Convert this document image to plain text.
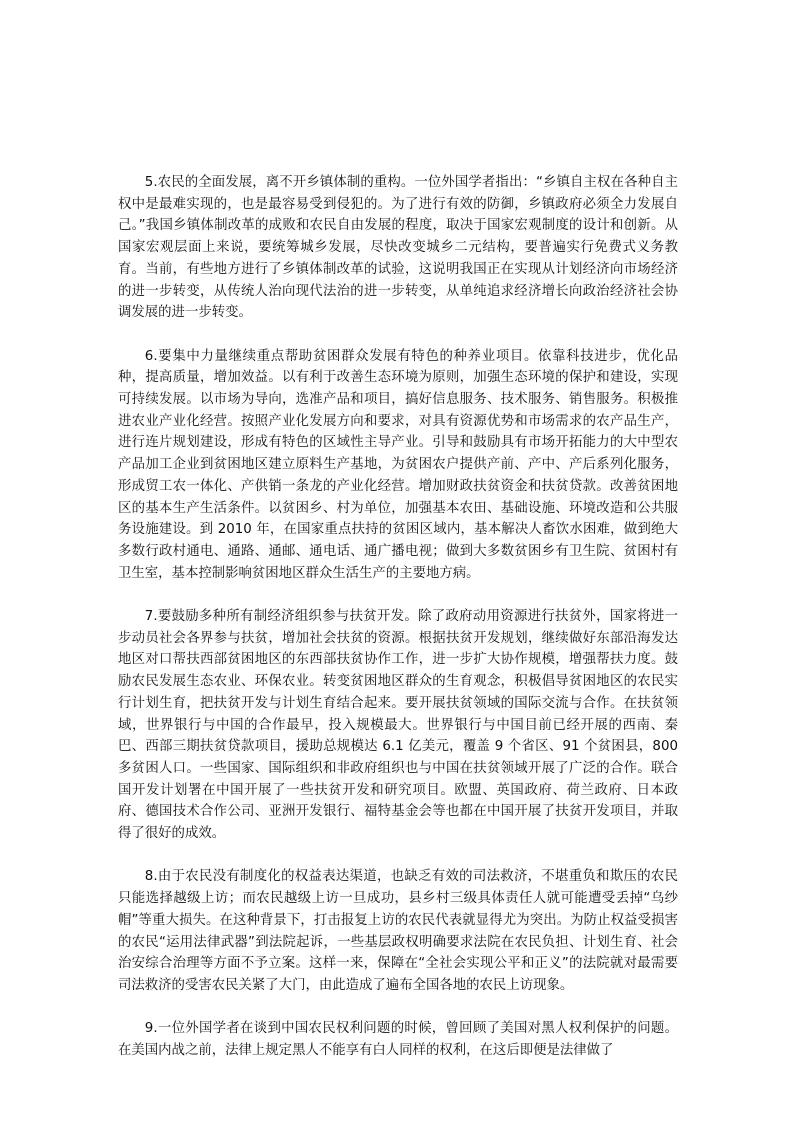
5.农民的全面发展，离不开乡镇体制的重构。一位外国学者指出：“乡镇自主权在各种自主权中是最难实现的，也是最容易受到侵犯的。为了进行有效的防御，乡镇政府必须全力发展自己。”我国乡镇体制改革的成败和农民自由发展的程度，取决于国家宏观制度的设计和创新。从国家宏观层面上来说，要统筹城乡发展，尽快改变城乡二元结构，要普遍实行免费式义务教育。当前，有些地方进行了乡镇体制改革的试验，这说明我国正在实现从计划经济向市场经济的进一步转变，从传统人治向现代法治的进一步转变，从单纯追求经济增长向政治经济社会协调发展的进一步转变。

6.要集中力量继续重点帮助贫困群众发展有特色的种养业项目。依靠科技进步，优化品种，提高质量，增加效益。以有利于改善生态环境为原则，加强生态环境的保护和建设，实现可持续发展。以市场为导向，选准产品和项目，搞好信息服务、技术服务、销售服务。积极推进农业产业化经营。按照产业化发展方向和要求，对具有资源优势和市场需求的农产品生产，进行连片规划建设，形成有特色的区域性主导产业。引导和鼓励具有市场开拓能力的大中型农产品加工企业到贫困地区建立原料生产基地，为贫困农户提供产前、产中、产后系列化服务，形成贸工农一体化、产供销一条龙的产业化经营。增加财政扶贫资金和扶贫贷款。改善贫困地区的基本生产生活条件。以贫困乡、村为单位，加强基本农田、基础设施、环境改造和公共服务设施建设。到 2010 年，在国家重点扶持的贫困区域内，基本解决人畜饮水困难，做到绝大多数行政村通电、通路、通邮、通电话、通广播电视；做到大多数贫困乡有卫生院、贫困村有卫生室，基本控制影响贫困地区群众生活生产的主要地方病。

7.要鼓励多种所有制经济组织参与扶贫开发。除了政府动用资源进行扶贫外，国家将进一步动员社会各界参与扶贫，增加社会扶贫的资源。根据扶贫开发规划，继续做好东部沿海发达地区对口帮扶西部贫困地区的东西部扶贫协作工作，进一步扩大协作规模，增强帮扶力度。鼓励农民发展生态农业、环保农业。转变贫困地区群众的生育观念，积极倡导贫困地区的农民实行计划生育，把扶贫开发与计划生育结合起来。要开展扶贫领域的国际交流与合作。在扶贫领域，世界银行与中国的合作最早，投入规模最大。世界银行与中国目前已经开展的西南、秦巴、西部三期扶贫贷款项目，援助总规模达 6.1 亿美元，覆盖 9 个省区、91 个贫困县，800 多贫困人口。一些国家、国际组织和非政府组织也与中国在扶贫领域开展了广泛的合作。联合国开发计划署在中国开展了一些扶贫开发和研究项目。欧盟、英国政府、荷兰政府、日本政府、德国技术合作公司、亚洲开发银行、福特基金会等也都在中国开展了扶贫开发项目，并取得了很好的成效。

8.由于农民没有制度化的权益表达渠道，也缺乏有效的司法救济，不堪重负和欺压的农民只能选择越级上访；而农民越级上访一旦成功，县乡村三级具体责任人就可能遭受丢掉“乌纱帽”等重大损失。在这种背景下，打击报复上访的农民代表就显得尤为突出。为防止权益受损害的农民“运用法律武器”到法院起诉，一些基层政权明确要求法院在农民负担、计划生育、社会治安综合治理等方面不予立案。这样一来，保障在“全社会实现公平和正义”的法院就对最需要司法救济的受害农民关紧了大门，由此造成了遍布全国各地的农民上访现象。

9.一位外国学者在谈到中国农民权利问题的时候，曾回顾了美国对黑人权利保护的问题。在美国内战之前，法律上规定黑人不能享有白人同样的权利，在这后即便是法律做了
